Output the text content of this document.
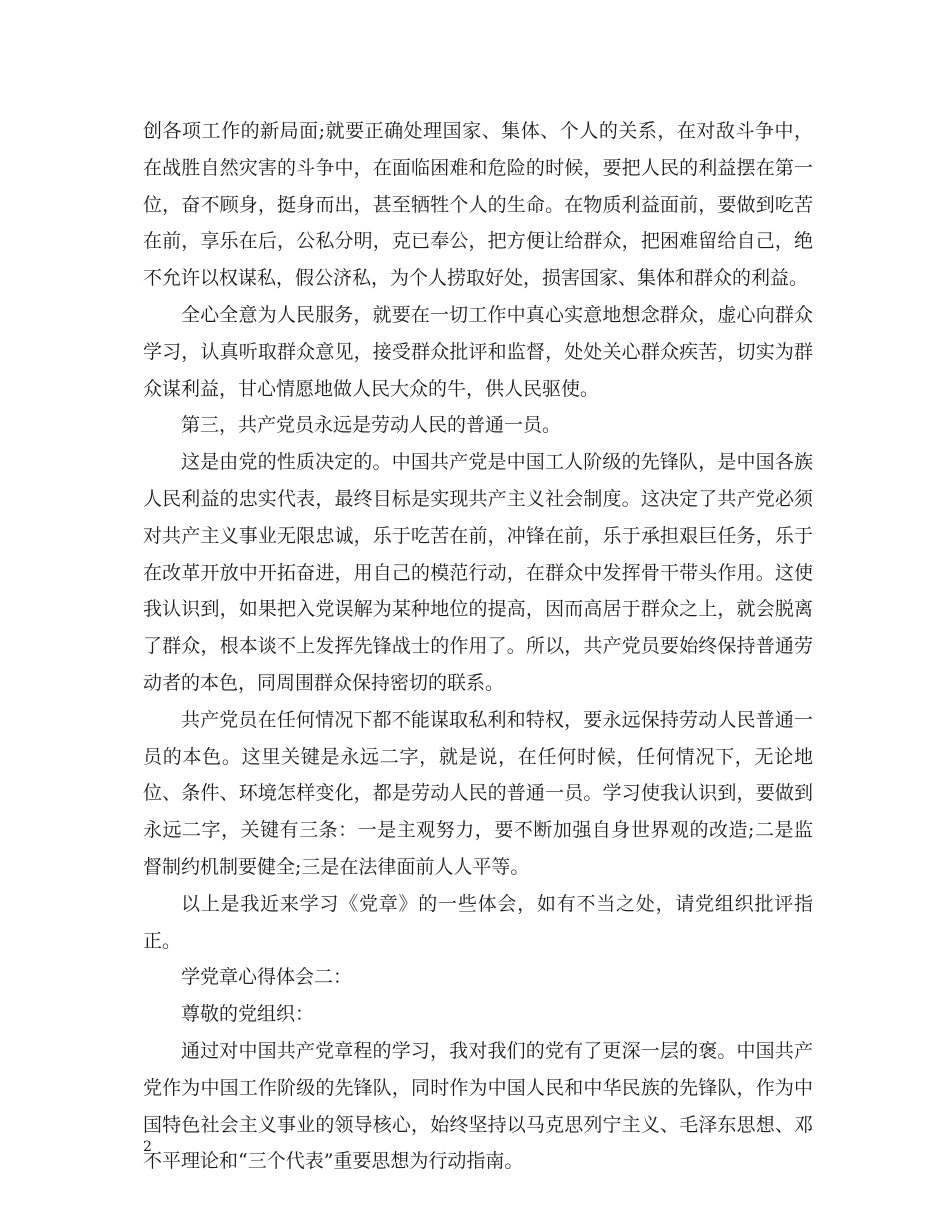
创各项工作的新局面;就要正确处理国家、集体、个人的关系，在对敌斗争中，在战胜自然灾害的斗争中，在面临困难和危险的时候，要把人民的利益摆在第一位，奋不顾身，挺身而出，甚至牺牲个人的生命。在物质利益面前，要做到吃苦在前，享乐在后，公私分明，克已奉公，把方便让给群众，把困难留给自己，绝不允许以权谋私，假公济私，为个人捞取好处，损害国家、集体和群众的利益。

全心全意为人民服务，就要在一切工作中真心实意地想念群众，虚心向群众学习，认真听取群众意见，接受群众批评和监督，处处关心群众疾苦，切实为群众谋利益，甘心情愿地做人民大众的牛，供人民驱使。

第三，共产党员永远是劳动人民的普通一员。

这是由党的性质决定的。中国共产党是中国工人阶级的先锋队，是中国各族人民利益的忠实代表，最终目标是实现共产主义社会制度。这决定了共产党必须对共产主义事业无限忠诚，乐于吃苦在前，冲锋在前，乐于承担艰巨任务，乐于在改革开放中开拓奋进，用自己的模范行动，在群众中发挥骨干带头作用。这使我认识到，如果把入党误解为某种地位的提高，因而高居于群众之上，就会脱离了群众，根本谈不上发挥先锋战士的作用了。所以，共产党员要始终保持普通劳动者的本色，同周围群众保持密切的联系。

共产党员在任何情况下都不能谋取私利和特权，要永远保持劳动人民普通一员的本色。这里关键是永远二字，就是说，在任何时候，任何情况下，无论地位、条件、环境怎样变化，都是劳动人民的普通一员。学习使我认识到，要做到永远二字，关键有三条：一是主观努力，要不断加强自身世界观的改造;二是监督制约机制要健全;三是在法律面前人人平等。

以上是我近来学习《党章》的一些体会，如有不当之处，请党组织批评指正。

学党章心得体会二：

尊敬的党组织：

通过对中国共产党章程的学习，我对我们的党有了更深一层的褒。中国共产党作为中国工作阶级的先锋队，同时作为中国人民和中华民族的先锋队，作为中国特色社会主义事业的领导核心，始终坚持以马克思列宁主义、毛泽东思想、邓不平理论和“三个代表”重要思想为行动指南。

2
